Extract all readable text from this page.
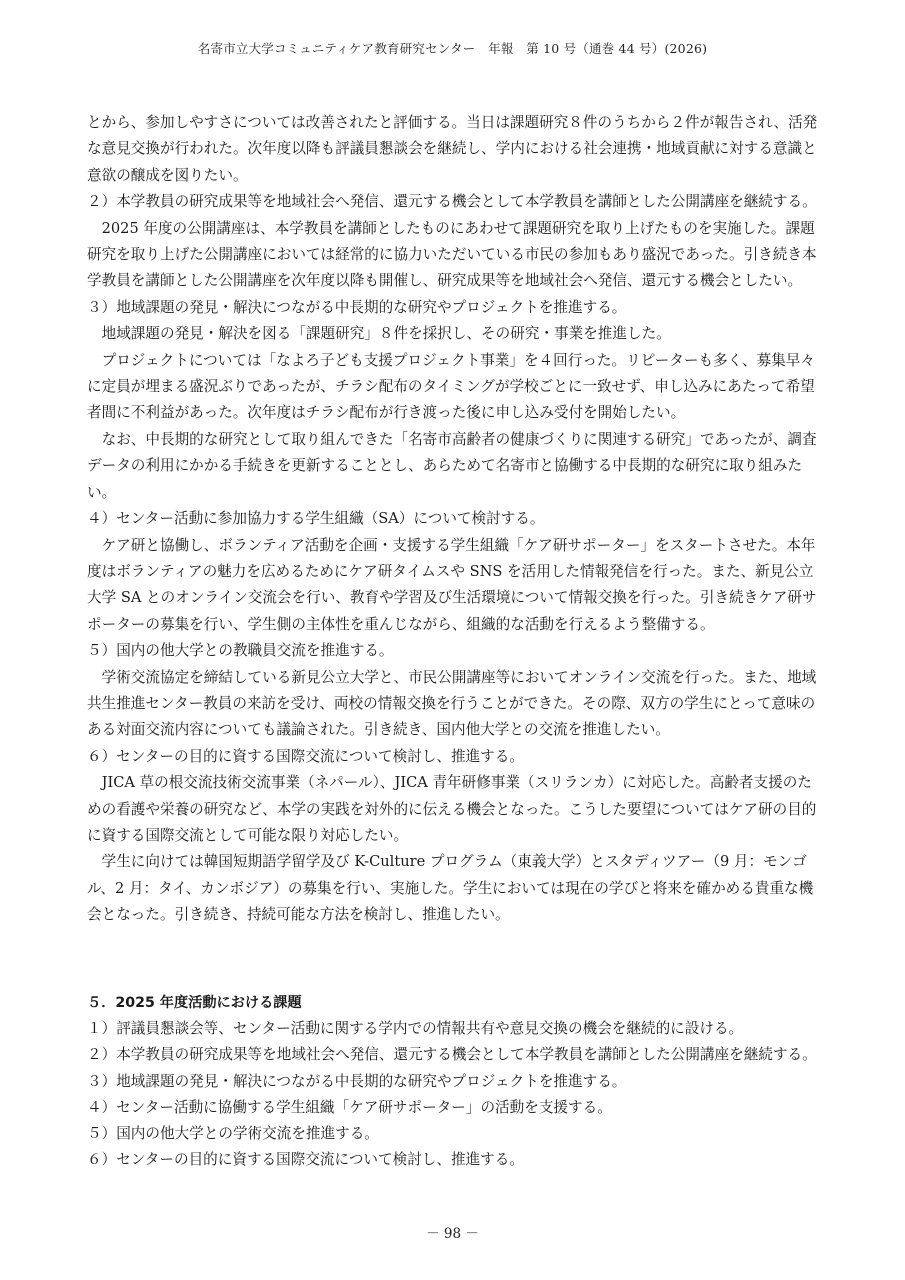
名寄市立大学コミュニティケア教育研究センター　年報　第 10 号（通巻 44 号）(2026)

とから、参加しやすさについては改善されたと評価する。当日は課題研究８件のうちから２件が報告され、活発な意見交換が行われた。次年度以降も評議員懇談会を継続し、学内における社会連携・地域貢献に対する意識と意欲の醸成を図りたい。

２）本学教員の研究成果等を地域社会へ発信、還元する機会として本学教員を講師とした公開講座を継続する。

2025 年度の公開講座は、本学教員を講師としたものにあわせて課題研究を取り上げたものを実施した。課題研究を取り上げた公開講座においては経常的に協力いただいている市民の参加もあり盛況であった。引き続き本学教員を講師とした公開講座を次年度以降も開催し、研究成果等を地域社会へ発信、還元する機会としたい。

３）地域課題の発見・解決につながる中長期的な研究やプロジェクトを推進する。

地域課題の発見・解決を図る「課題研究」８件を採択し、その研究・事業を推進した。

プロジェクトについては「なよろ子ども支援プロジェクト事業」を４回行った。リピーターも多く、募集早々に定員が埋まる盛況ぶりであったが、チラシ配布のタイミングが学校ごとに一致せず、申し込みにあたって希望者間に不利益があった。次年度はチラシ配布が行き渡った後に申し込み受付を開始したい。

なお、中長期的な研究として取り組んできた「名寄市高齢者の健康づくりに関連する研究」であったが、調査データの利用にかかる手続きを更新することとし、あらためて名寄市と協働する中長期的な研究に取り組みたい。

４）センター活動に参加協力する学生組織（SA）について検討する。

ケア研と協働し、ボランティア活動を企画・支援する学生組織「ケア研サポーター」をスタートさせた。本年度はボランティアの魅力を広めるためにケア研タイムスや SNS を活用した情報発信を行った。また、新見公立大学 SA とのオンライン交流会を行い、教育や学習及び生活環境について情報交換を行った。引き続きケア研サポーターの募集を行い、学生側の主体性を重んじながら、組織的な活動を行えるよう整備する。

５）国内の他大学との教職員交流を推進する。

学術交流協定を締結している新見公立大学と、市民公開講座等においてオンライン交流を行った。また、地域共生推進センター教員の来訪を受け、両校の情報交換を行うことができた。その際、双方の学生にとって意味のある対面交流内容についても議論された。引き続き、国内他大学との交流を推進したい。

６）センターの目的に資する国際交流について検討し、推進する。

JICA 草の根交流技術交流事業（ネパール）、JICA 青年研修事業（スリランカ）に対応した。高齢者支援のための看護や栄養の研究など、本学の実践を対外的に伝える機会となった。こうした要望についてはケア研の目的に資する国際交流として可能な限り対応したい。

学生に向けては韓国短期語学留学及び K-Culture プログラム（東義大学）とスタディツアー（9 月：モンゴル、2 月：タイ、カンボジア）の募集を行い、実施した。学生においては現在の学びと将来を確かめる貴重な機会となった。引き続き、持続可能な方法を検討し、推進したい。

５．2025 年度活動における課題

１）評議員懇談会等、センター活動に関する学内での情報共有や意見交換の機会を継続的に設ける。

２）本学教員の研究成果等を地域社会へ発信、還元する機会として本学教員を講師とした公開講座を継続する。

３）地域課題の発見・解決につながる中長期的な研究やプロジェクトを推進する。

４）センター活動に協働する学生組織「ケア研サポーター」の活動を支援する。

５）国内の他大学との学術交流を推進する。

６）センターの目的に資する国際交流について検討し、推進する。

－ 98 －
